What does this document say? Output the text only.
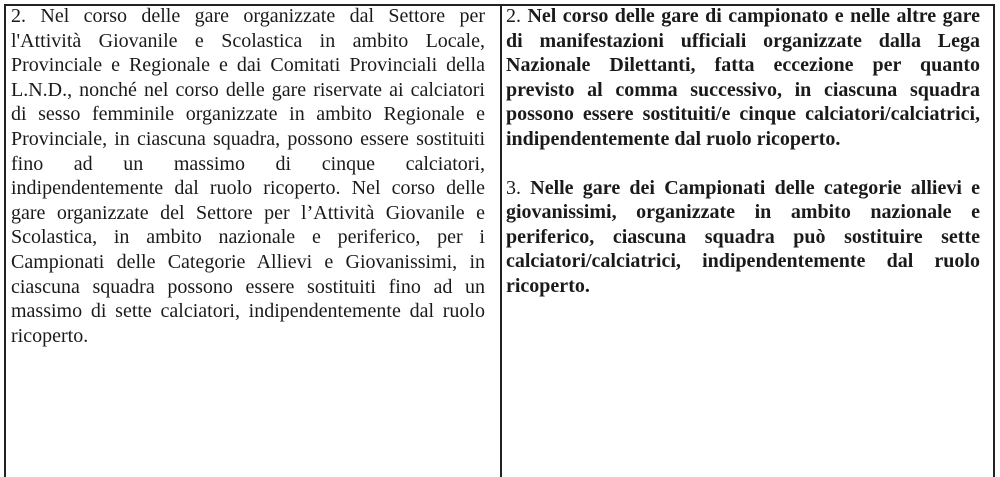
2. Nel corso delle gare organizzate dal Settore per l'Attività Giovanile e Scolastica in ambito Locale, Provinciale e Regionale e dai Comitati Provinciali della L.N.D., nonché nel corso delle gare riservate ai calciatori di sesso femminile organizzate in ambito Regionale e Provinciale, in ciascuna squadra, possono essere sostituiti fino ad un massimo di cinque calciatori, indipendentemente dal ruolo ricoperto. Nel corso delle gare organizzate del Settore per l’Attività Giovanile e Scolastica, in ambito nazionale e periferico, per i Campionati delle Categorie Allievi e Giovanissimi, in ciascuna squadra possono essere sostituiti fino ad un massimo di sette calciatori, indipendentemente dal ruolo ricoperto.

2. Nel corso delle gare di campionato e nelle altre gare di manifestazioni ufficiali organizzate dalla Lega Nazionale Dilettanti, fatta eccezione per quanto previsto al comma successivo, in ciascuna squadra possono essere sostituiti/e cinque calciatori/calciatrici, indipendentemente dal ruolo ricoperto.

3. Nelle gare dei Campionati delle categorie allievi e giovanissimi, organizzate in ambito nazionale e periferico, ciascuna squadra può sostituire sette calciatori/calciatrici, indipendentemente dal ruolo ricoperto.
